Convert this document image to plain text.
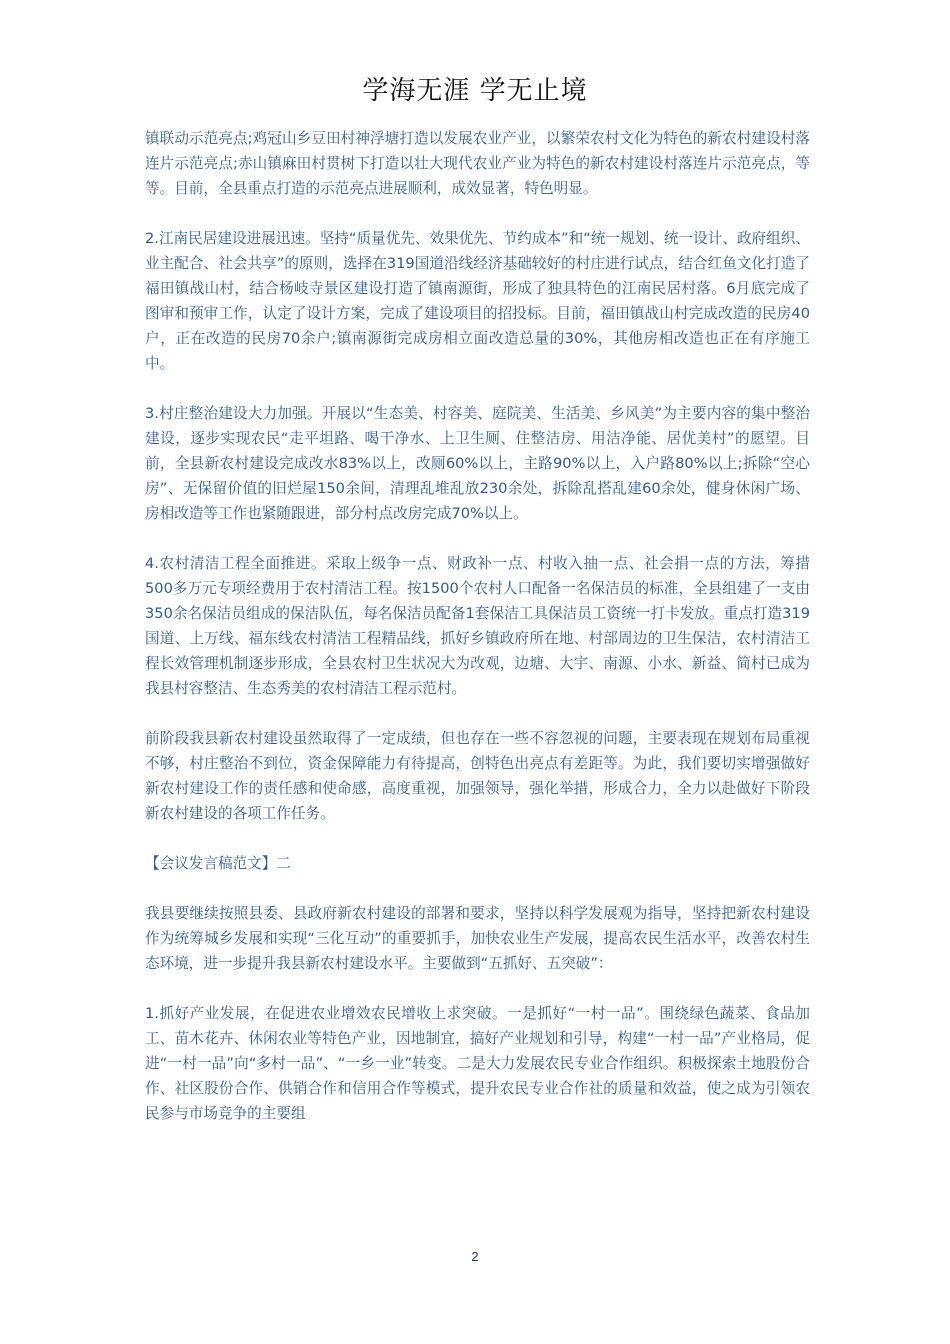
学海无涯 学无止境

镇联动示范亮点;鸡冠山乡豆田村神浮塘打造以发展农业产业，以繁荣农村文化为特色的新农村建设村落连片示范亮点;赤山镇麻田村贯树下打造以壮大现代农业产业为特色的新农村建设村落连片示范亮点，等等。目前，全县重点打造的示范亮点进展顺利，成效显著，特色明显。

2.江南民居建设进展迅速。坚持“质量优先、效果优先、节约成本”和“统一规划、统一设计、政府组织、业主配合、社会共享”的原则，选择在319国道沿线经济基础较好的村庄进行试点，结合红鱼文化打造了福田镇战山村，结合杨岐寺景区建设打造了镇南源街，形成了独具特色的江南民居村落。6月底完成了图审和预审工作，认定了设计方案，完成了建设项目的招投标。目前，福田镇战山村完成改造的民房40户，正在改造的民房70余户;镇南源街完成房相立面改造总量的30%，其他房相改造也正在有序施工中。

3.村庄整治建设大力加强。开展以“生态美、村容美、庭院美、生活美、乡风美”为主要内容的集中整治建设，逐步实现农民“走平坦路、喝干净水、上卫生厕、住整洁房、用洁净能、居优美村”的愿望。目前，全县新农村建设完成改水83%以上，改厕60%以上，主路90%以上，入户路80%以上;拆除“空心房”、无保留价值的旧烂屋150余间，清理乱堆乱放230余处，拆除乱搭乱建60余处，健身休闲广场、房相改造等工作也紧随跟进，部分村点改房完成70%以上。

4.农村清洁工程全面推进。采取上级争一点、财政补一点、村收入抽一点、社会捐一点的方法，筹措500多万元专项经费用于农村清洁工程。按1500个农村人口配备一名保洁员的标准，全县组建了一支由350余名保洁员组成的保洁队伍，每名保洁员配备1套保洁工具保洁员工资统一打卡发放。重点打造319国道、上万线、福东线农村清洁工程精品线，抓好乡镇政府所在地、村部周边的卫生保洁，农村清洁工程长效管理机制逐步形成，全县农村卫生状况大为改观，边塘、大宇、南源、小水、新益、简村已成为我县村容整洁、生态秀美的农村清洁工程示范村。

前阶段我县新农村建设虽然取得了一定成绩，但也存在一些不容忽视的问题，主要表现在规划布局重视不够，村庄整治不到位，资金保障能力有待提高，创特色出亮点有差距等。为此，我们要切实增强做好新农村建设工作的责任感和使命感，高度重视，加强领导，强化举措，形成合力，全力以赴做好下阶段新农村建设的各项工作任务。

【会议发言稿范文】二

我县要继续按照县委、县政府新农村建设的部署和要求，坚持以科学发展观为指导，坚持把新农村建设作为统筹城乡发展和实现“三化互动”的重要抓手，加快农业生产发展，提高农民生活水平，改善农村生态环境，进一步提升我县新农村建设水平。主要做到“五抓好、五突破”：

1.抓好产业发展，在促进农业增效农民增收上求突破。一是抓好“一村一品”。围绕绿色蔬菜、食品加工、苗木花卉、休闲农业等特色产业，因地制宜，搞好产业规划和引导，构建“一村一品”产业格局，促进“一村一品”向“多村一品”、“一乡一业”转变。二是大力发展农民专业合作组织。积极探索土地股份合作、社区股份合作、供销合作和信用合作等模式，提升农民专业合作社的质量和效益，使之成为引领农民参与市场竞争的主要组

2
